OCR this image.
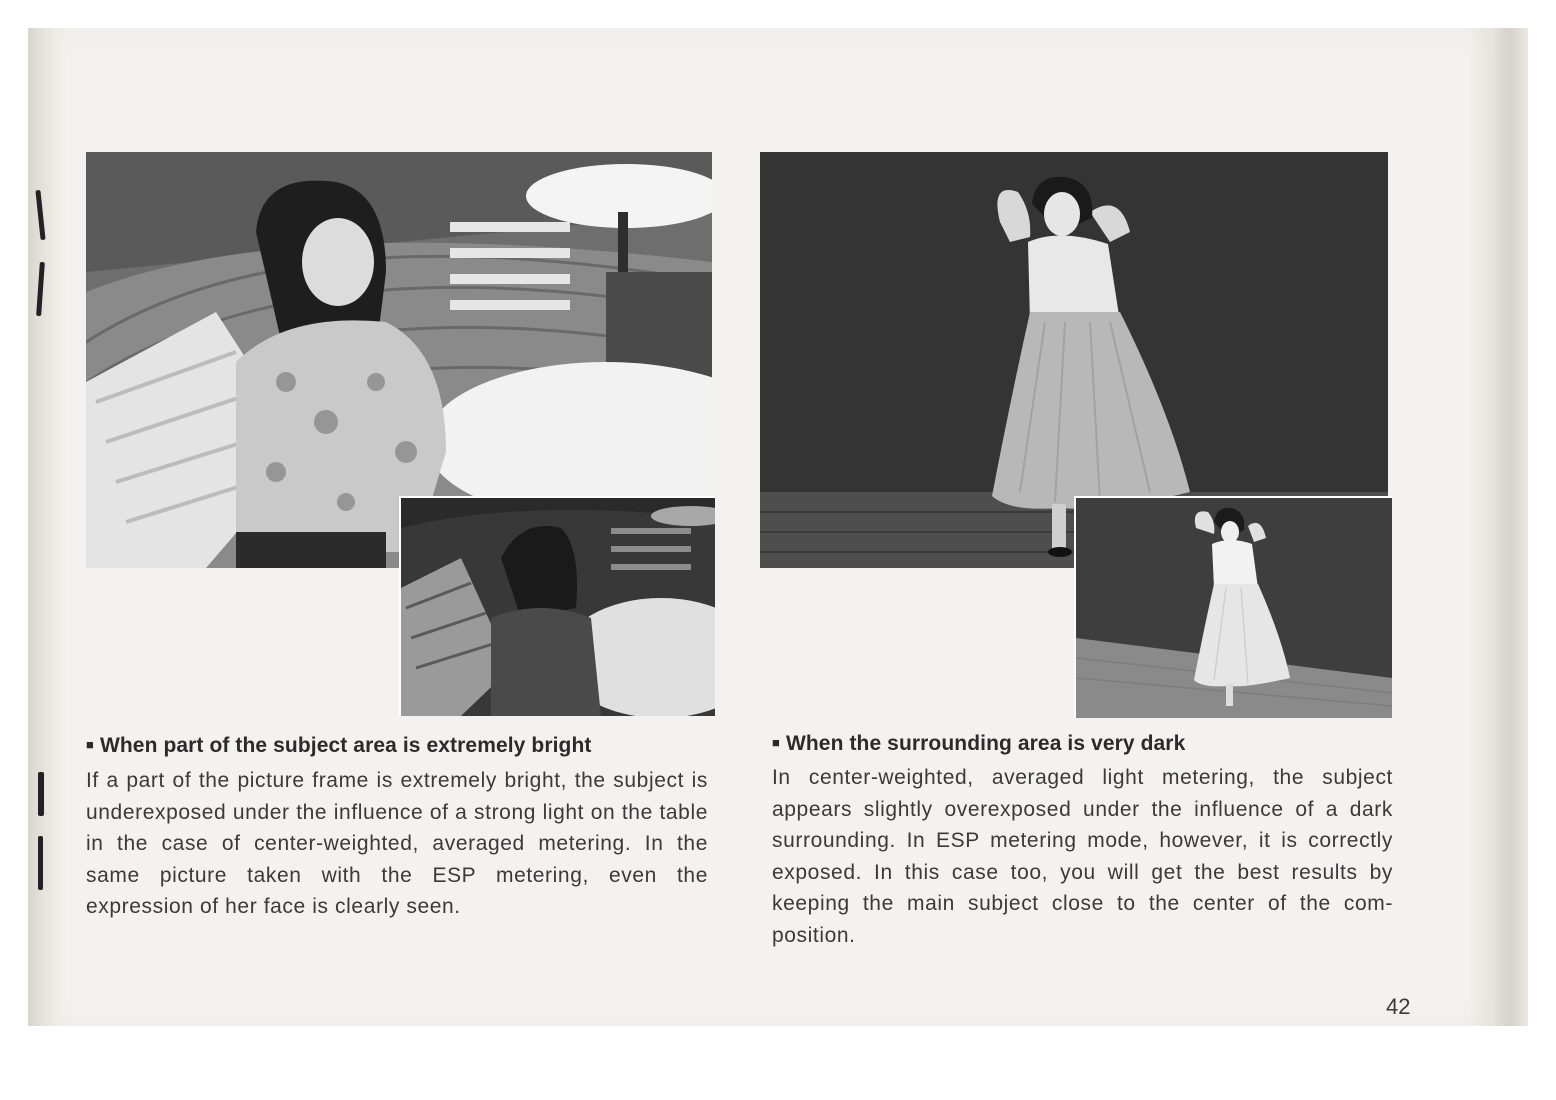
■ When part of the subject area is extremely bright

If a part of the picture frame is extremely bright, the subject is underexposed under the influence of a strong light on the table in the case of center-weighted, averaged metering. In the same picture taken with the ESP metering, even the expression of her face is clearly seen.

■ When the surrounding area is very dark

In center-weighted, averaged light metering, the subject appears slightly overexposed under the influence of a dark surrounding. In ESP metering mode, however, it is correctly exposed. In this case too, you will get the best results by keeping the main subject close to the center of the com-position.

42
